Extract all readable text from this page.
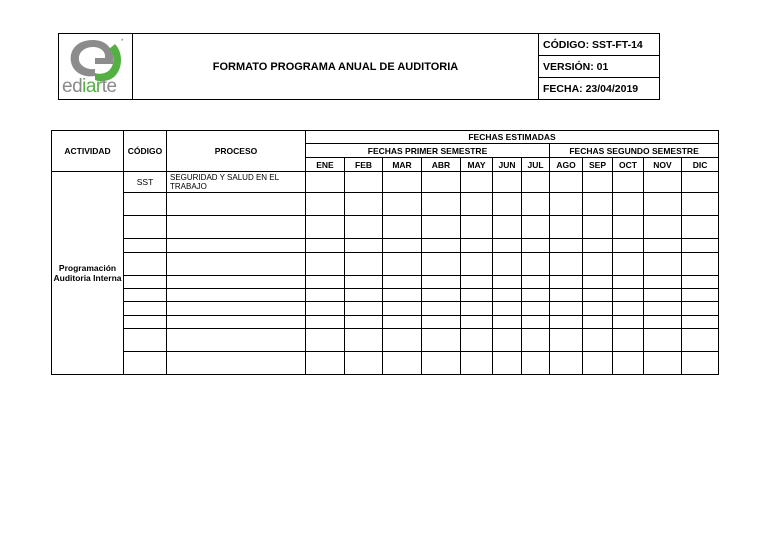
*
ediarte
	FORMATO PROGRAMA ANUAL DE AUDITORIA	CÓDIGO: SST-FT-14
VERSIÓN: 01
FECHA: 23/04/2019
ACTIVIDAD	CÓDIGO	PROCESO	FECHAS ESTIMADAS											
			FECHAS PRIMER SEMESTRE							FECHAS SEGUNDO SEMESTRE				
			ENE	FEB	MAR	ABR	MAY	JUN	JUL	AGO	SEP	OCT	NOV	DIC
Programación Auditoria Interna	SST	SEGURIDAD Y SALUD EN EL TRABAJO												
